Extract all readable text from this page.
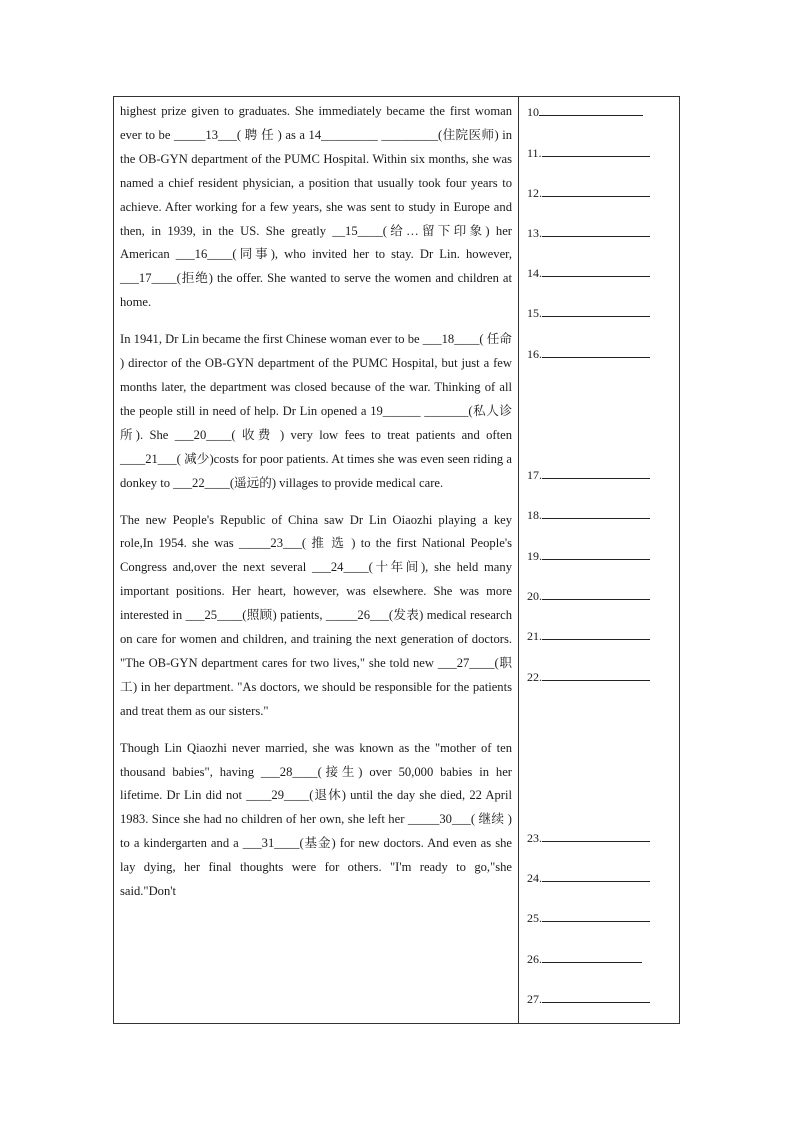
highest prize given to graduates. She immediately became the first woman ever to be _____13___( 聘 任 ) as a 14_________ _________(住院医师) in the OB-GYN department of the PUMC Hospital. Within six months, she was named a chief resident physician, a position that usually took four years to achieve. After working for a few years, she was sent to study in Europe and then, in 1939, in the US. She greatly __15____(给…留下印象) her American ___16____(同事), who invited her to stay. Dr Lin. however, ___17____(拒绝) the offer. She wanted to serve the women and children at home.

In 1941, Dr Lin became the first Chinese woman ever to be ___18____( 任命 ) director of the OB-GYN department of the PUMC Hospital, but just a few months later, the department was closed because of the war. Thinking of all the people still in need of help. Dr Lin opened a 19______ _______(私人诊所). She ___20____( 收费 ) very low fees to treat patients and often ____21___( 减少)costs for poor patients. At times she was even seen riding a donkey to ___22____(遥远的) villages to provide medical care.

The new People's Republic of China saw Dr Lin Oiaozhi playing a key role,In 1954. she was _____23___( 推 选 ) to the first National People's Congress and,over the next several ___24____(十年间), she held many important positions. Her heart, however, was elsewhere. She was more interested in ___25____(照顾) patients, _____26___(发表) medical research on care for women and children, and training the next generation of doctors. "The OB-GYN department cares for two lives," she told new ___27____(职工) in her department. "As doctors, we should be responsible for the patients and treat them as our sisters."

Though Lin Qiaozhi never married, she was known as the "mother of ten thousand babies", having ___28____(接生) over 50,000 babies in her lifetime. Dr Lin did not ____29____(退休) until the day she died, 22 April 1983. Since she had no children of her own, she left her _____30___( 继续 ) to a kindergarten and a ___31____(基金) for new doctors. And even as she lay dying, her final thoughts were for others. "I'm ready to go,"she said."Don't

10
11.
12.
13.
14.
15.
16.
17.
18.
19.
20.
21.
22.
23.
24.
25.
26.
27.
